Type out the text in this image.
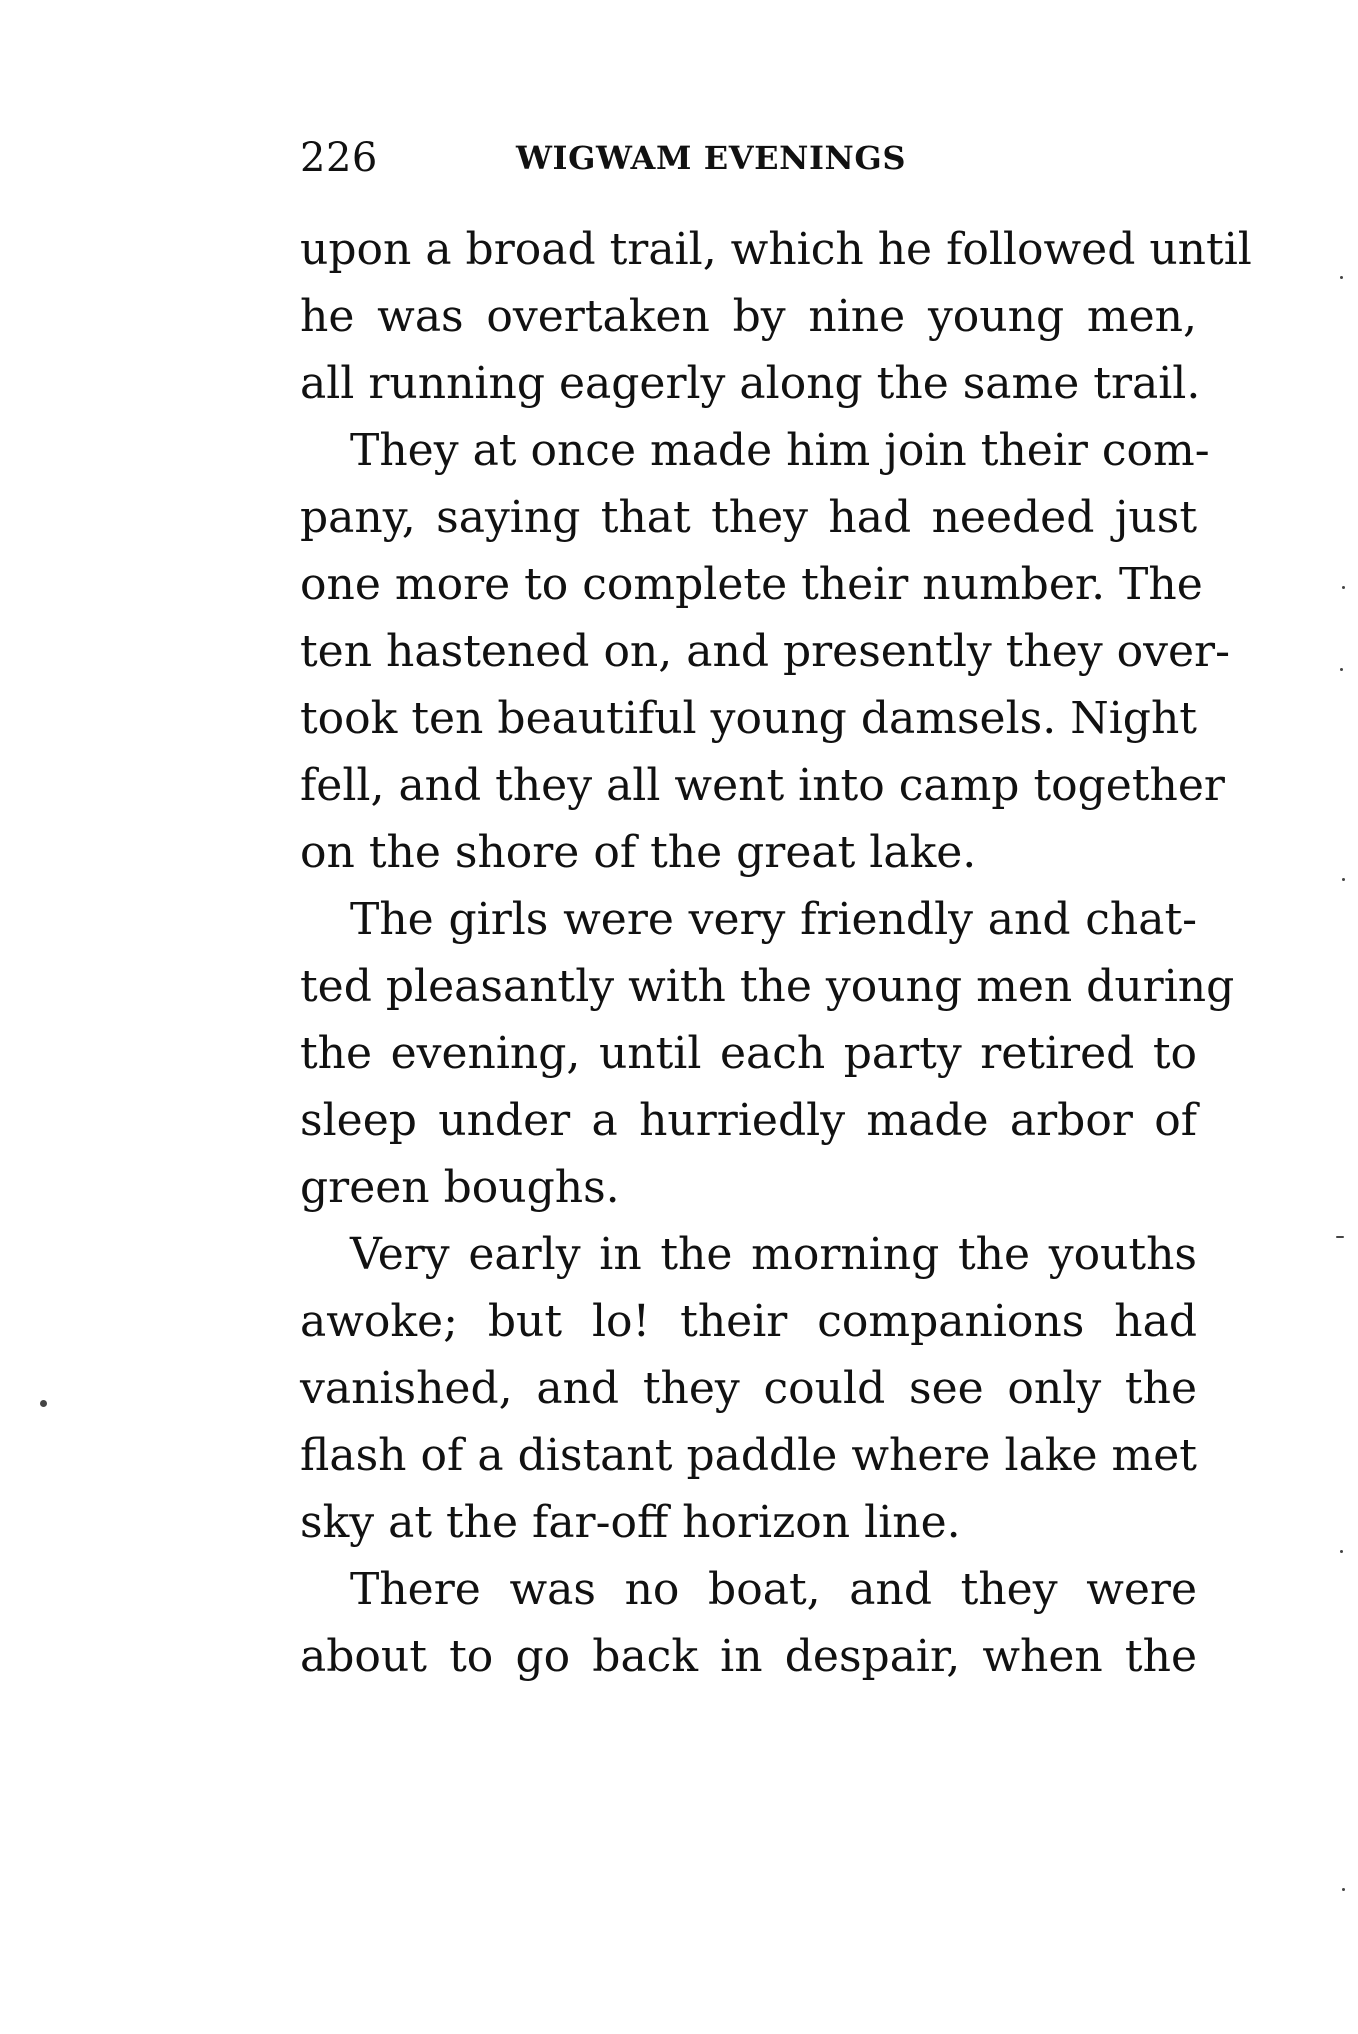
226	WIGWAM EVENINGS
upon a broad trail, which he followed until
he was overtaken by nine young men,
all running eagerly along the same trail.
They at once made him join their com-
pany, saying that they had needed just
one more to complete their number. The
ten hastened on, and presently they over-
took ten beautiful young damsels. Night
fell, and they all went into camp together
on the shore of the great lake.
The girls were very friendly and chat-
ted pleasantly with the young men during
the evening, until each party retired to
sleep under a hurriedly made arbor of
green boughs.
Very early in the morning the youths
awoke; but lo! their companions had
vanished, and they could see only the
flash of a distant paddle where lake met
sky at the far-off horizon line.
There was no boat, and they were
about to go back in despair, when the
